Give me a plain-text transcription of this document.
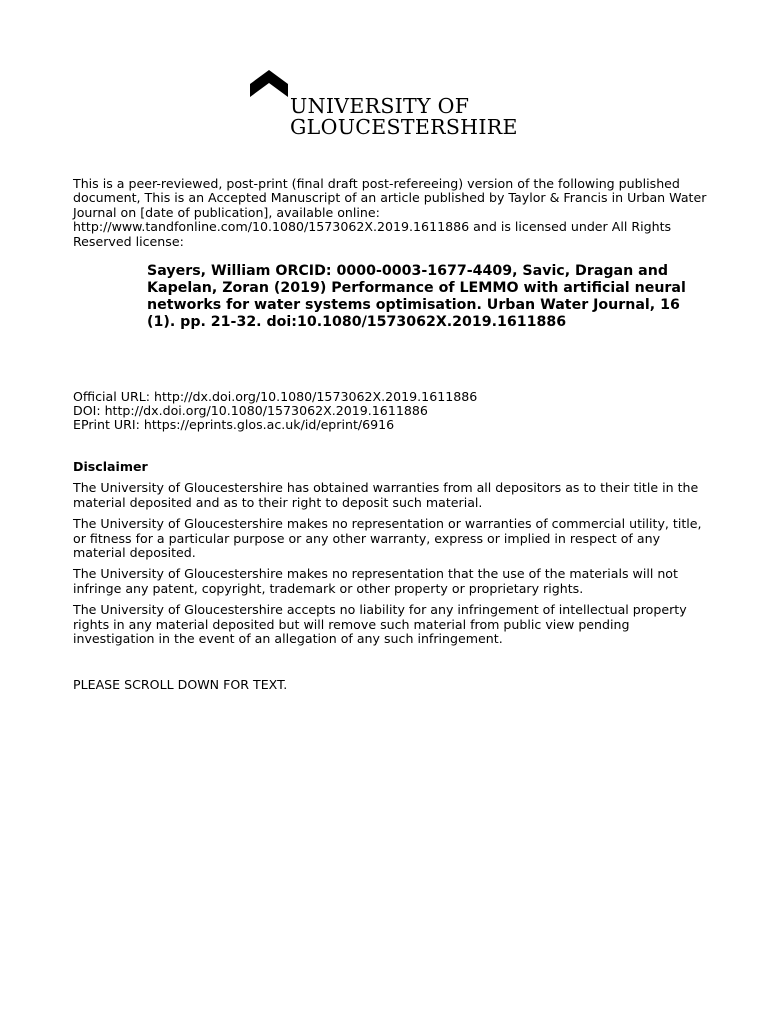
UNIVERSITY OF
GLOUCESTERSHIRE
This is a peer-reviewed, post-print (final draft post-refereeing) version of the following published document, This is an Accepted Manuscript of an article published by Taylor & Francis in Urban Water Journal on [date of publication], available online: http://www.tandfonline.com/10.1080/1573062X.2019.1611886 and is licensed under All Rights Reserved license:
Sayers, William ORCID: 0000-0003-1677-4409, Savic, Dragan and Kapelan, Zoran (2019) Performance of LEMMO with artificial neural networks for water systems optimisation. Urban Water Journal, 16 (1). pp. 21-32. doi:10.1080/1573062X.2019.1611886
Official URL: http://dx.doi.org/10.1080/1573062X.2019.1611886
DOI: http://dx.doi.org/10.1080/1573062X.2019.1611886
EPrint URI: https://eprints.glos.ac.uk/id/eprint/6916
Disclaimer

The University of Gloucestershire has obtained warranties from all depositors as to their title in the material deposited and as to their right to deposit such material.

The University of Gloucestershire makes no representation or warranties of commercial utility, title, or fitness for a particular purpose or any other warranty, express or implied in respect of any material deposited.

The University of Gloucestershire makes no representation that the use of the materials will not infringe any patent, copyright, trademark or other property or proprietary rights.

The University of Gloucestershire accepts no liability for any infringement of intellectual property rights in any material deposited but will remove such material from public view pending investigation in the event of an allegation of any such infringement.

PLEASE SCROLL DOWN FOR TEXT.
